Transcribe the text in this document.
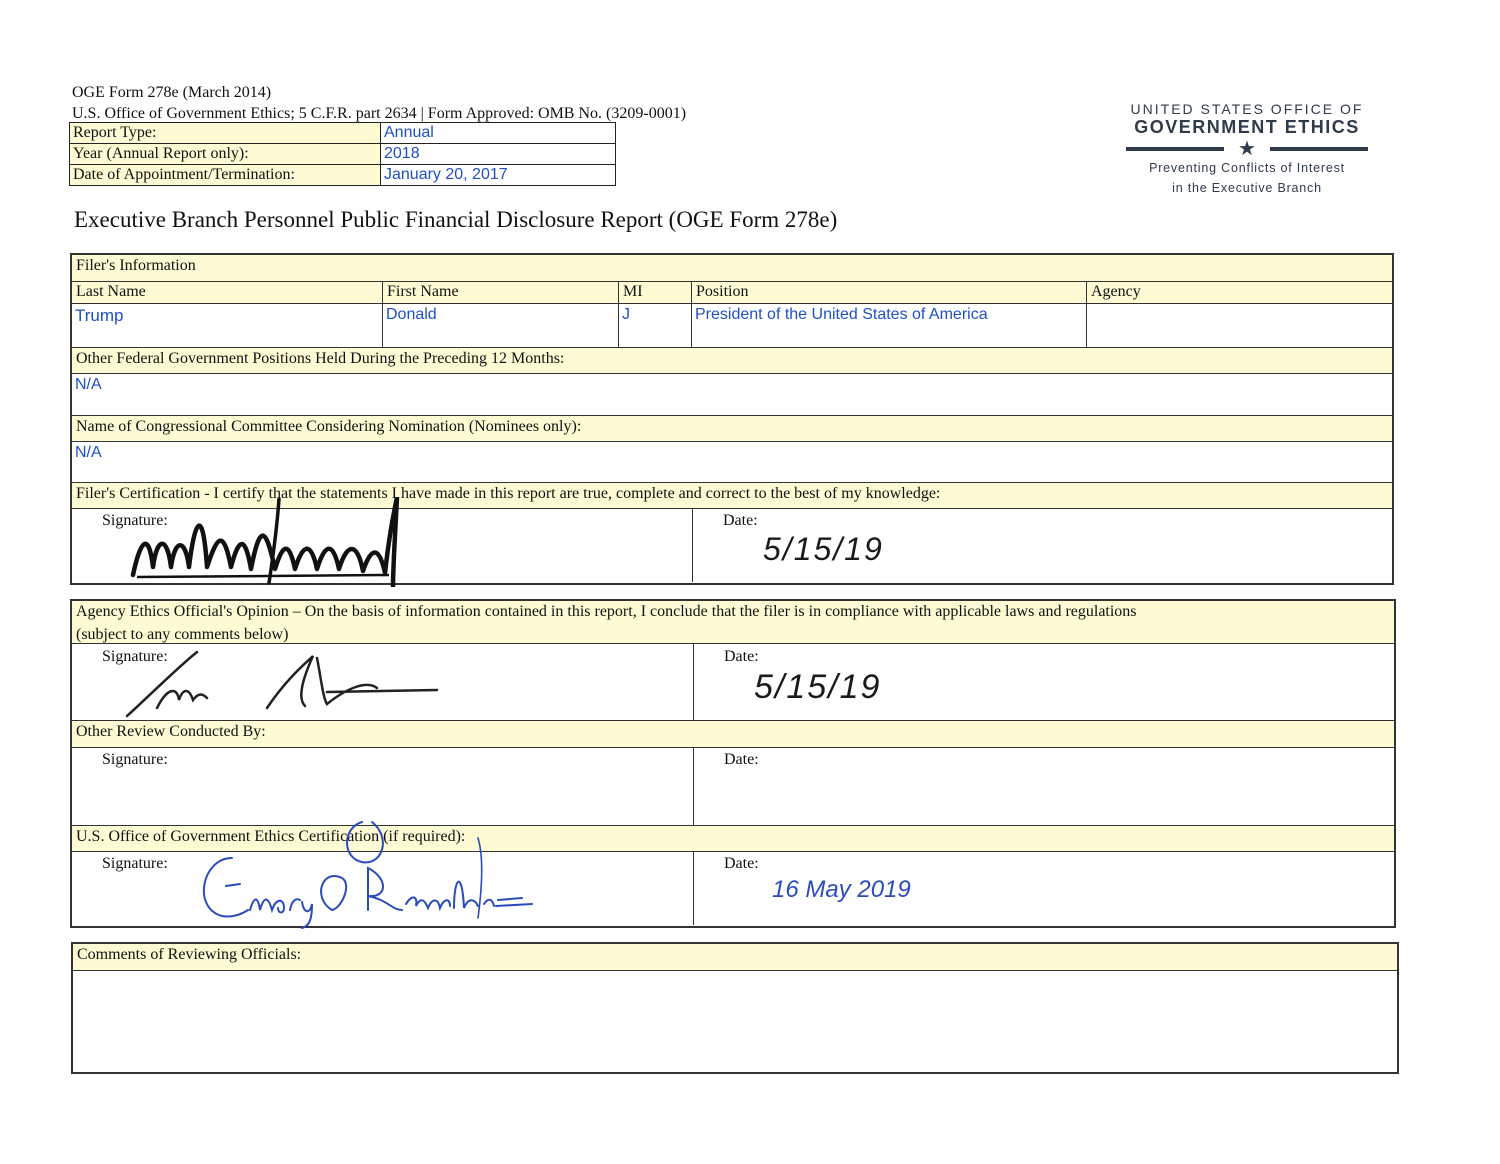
OGE Form 278e (March 2014)
U.S. Office of Government Ethics; 5 C.F.R. part 2634 | Form Approved: OMB No. (3209-0001)
Report Type:	Annual
Year (Annual Report only):	2018
Date of Appointment/Termination:	January 20, 2017
Executive Branch Personnel Public Financial Disclosure Report (OGE Form 278e)
UNITED STATES OFFICE OF
GOVERNMENT ETHICS
★
Preventing Conflicts of Interest
in the Executive Branch
Filer's Information
Last Name	First Name	MI	Position	Agency
Trump	Donald	J	President of the United States of America
Other Federal Government Positions Held During the Preceding 12 Months:
N/A
Name of Congressional Committee Considering Nomination (Nominees only):
N/A
Filer's Certification - I certify that the statements I have made in this report are true, complete and correct to the best of my knowledge:
Signature:	Date:
5/15/19
Agency Ethics Official's Opinion – On the basis of information contained in this report, I conclude that the filer is in compliance with applicable laws and regulations
(subject to any comments below)
Signature:	Date:
5/15/19
Other Review Conducted By:
Signature:	Date:
U.S. Office of Government Ethics Certification (if required):
Signature:	Date:
16 May 2019
Comments of Reviewing Officials:
